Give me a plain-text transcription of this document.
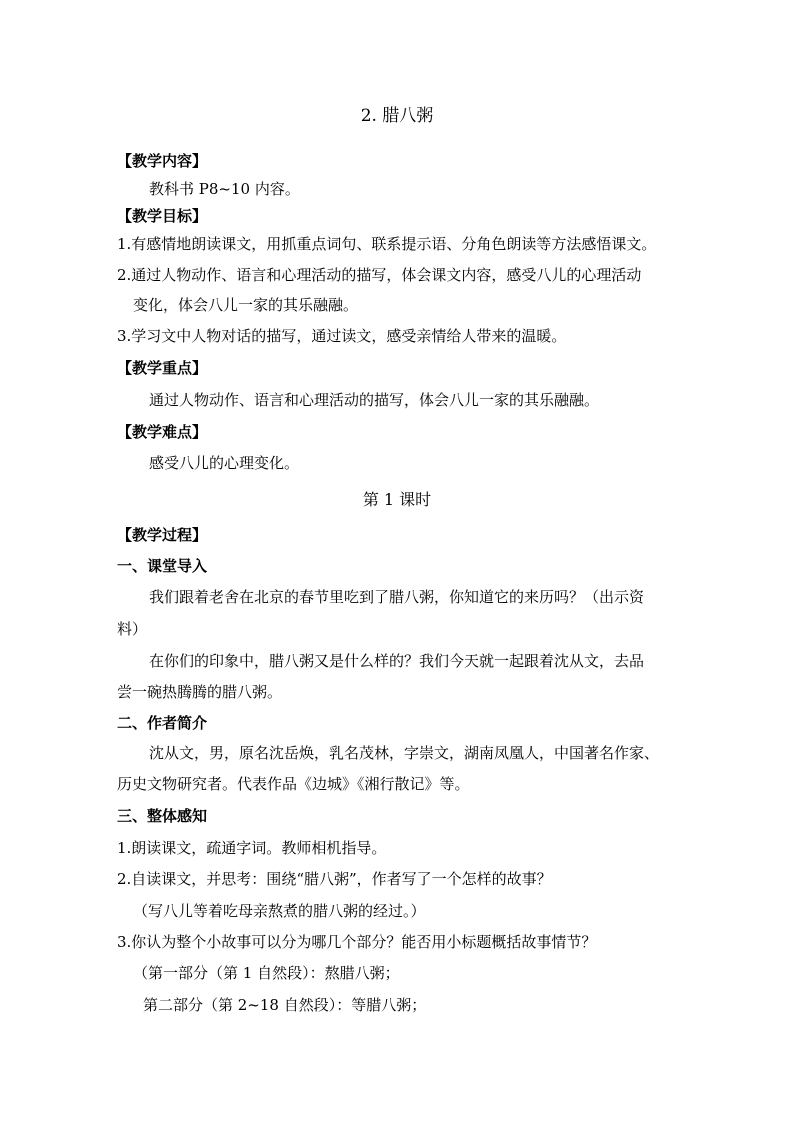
2. 腊八粥
【教学内容】
教科书 P8~10 内容。
【教学目标】
1.有感情地朗读课文，用抓重点词句、联系提示语、分角色朗读等方法感悟课文。
2.通过人物动作、语言和心理活动的描写，体会课文内容，感受八儿的心理活动
变化，体会八儿一家的其乐融融。
3.学习文中人物对话的描写，通过读文，感受亲情给人带来的温暖。
【教学重点】
通过人物动作、语言和心理活动的描写，体会八儿一家的其乐融融。
【教学难点】
感受八儿的心理变化。
第 1 课时
【教学过程】
一、课堂导入
我们跟着老舍在北京的春节里吃到了腊八粥，你知道它的来历吗？（出示资
料）
在你们的印象中，腊八粥又是什么样的？我们今天就一起跟着沈从文，去品
尝一碗热腾腾的腊八粥。
二、作者简介
沈从文，男，原名沈岳焕，乳名茂林，字崇文，湖南凤凰人，中国著名作家、
历史文物研究者。代表作品《边城》《湘行散记》等。
三、整体感知
1.朗读课文，疏通字词。教师相机指导。
2.自读课文，并思考：围绕“腊八粥”，作者写了一个怎样的故事？
（写八儿等着吃母亲熬煮的腊八粥的经过。）
3.你认为整个小故事可以分为哪几个部分？能否用小标题概括故事情节？
（第一部分（第 1 自然段）：熬腊八粥；
第二部分（第 2~18 自然段）：等腊八粥；
